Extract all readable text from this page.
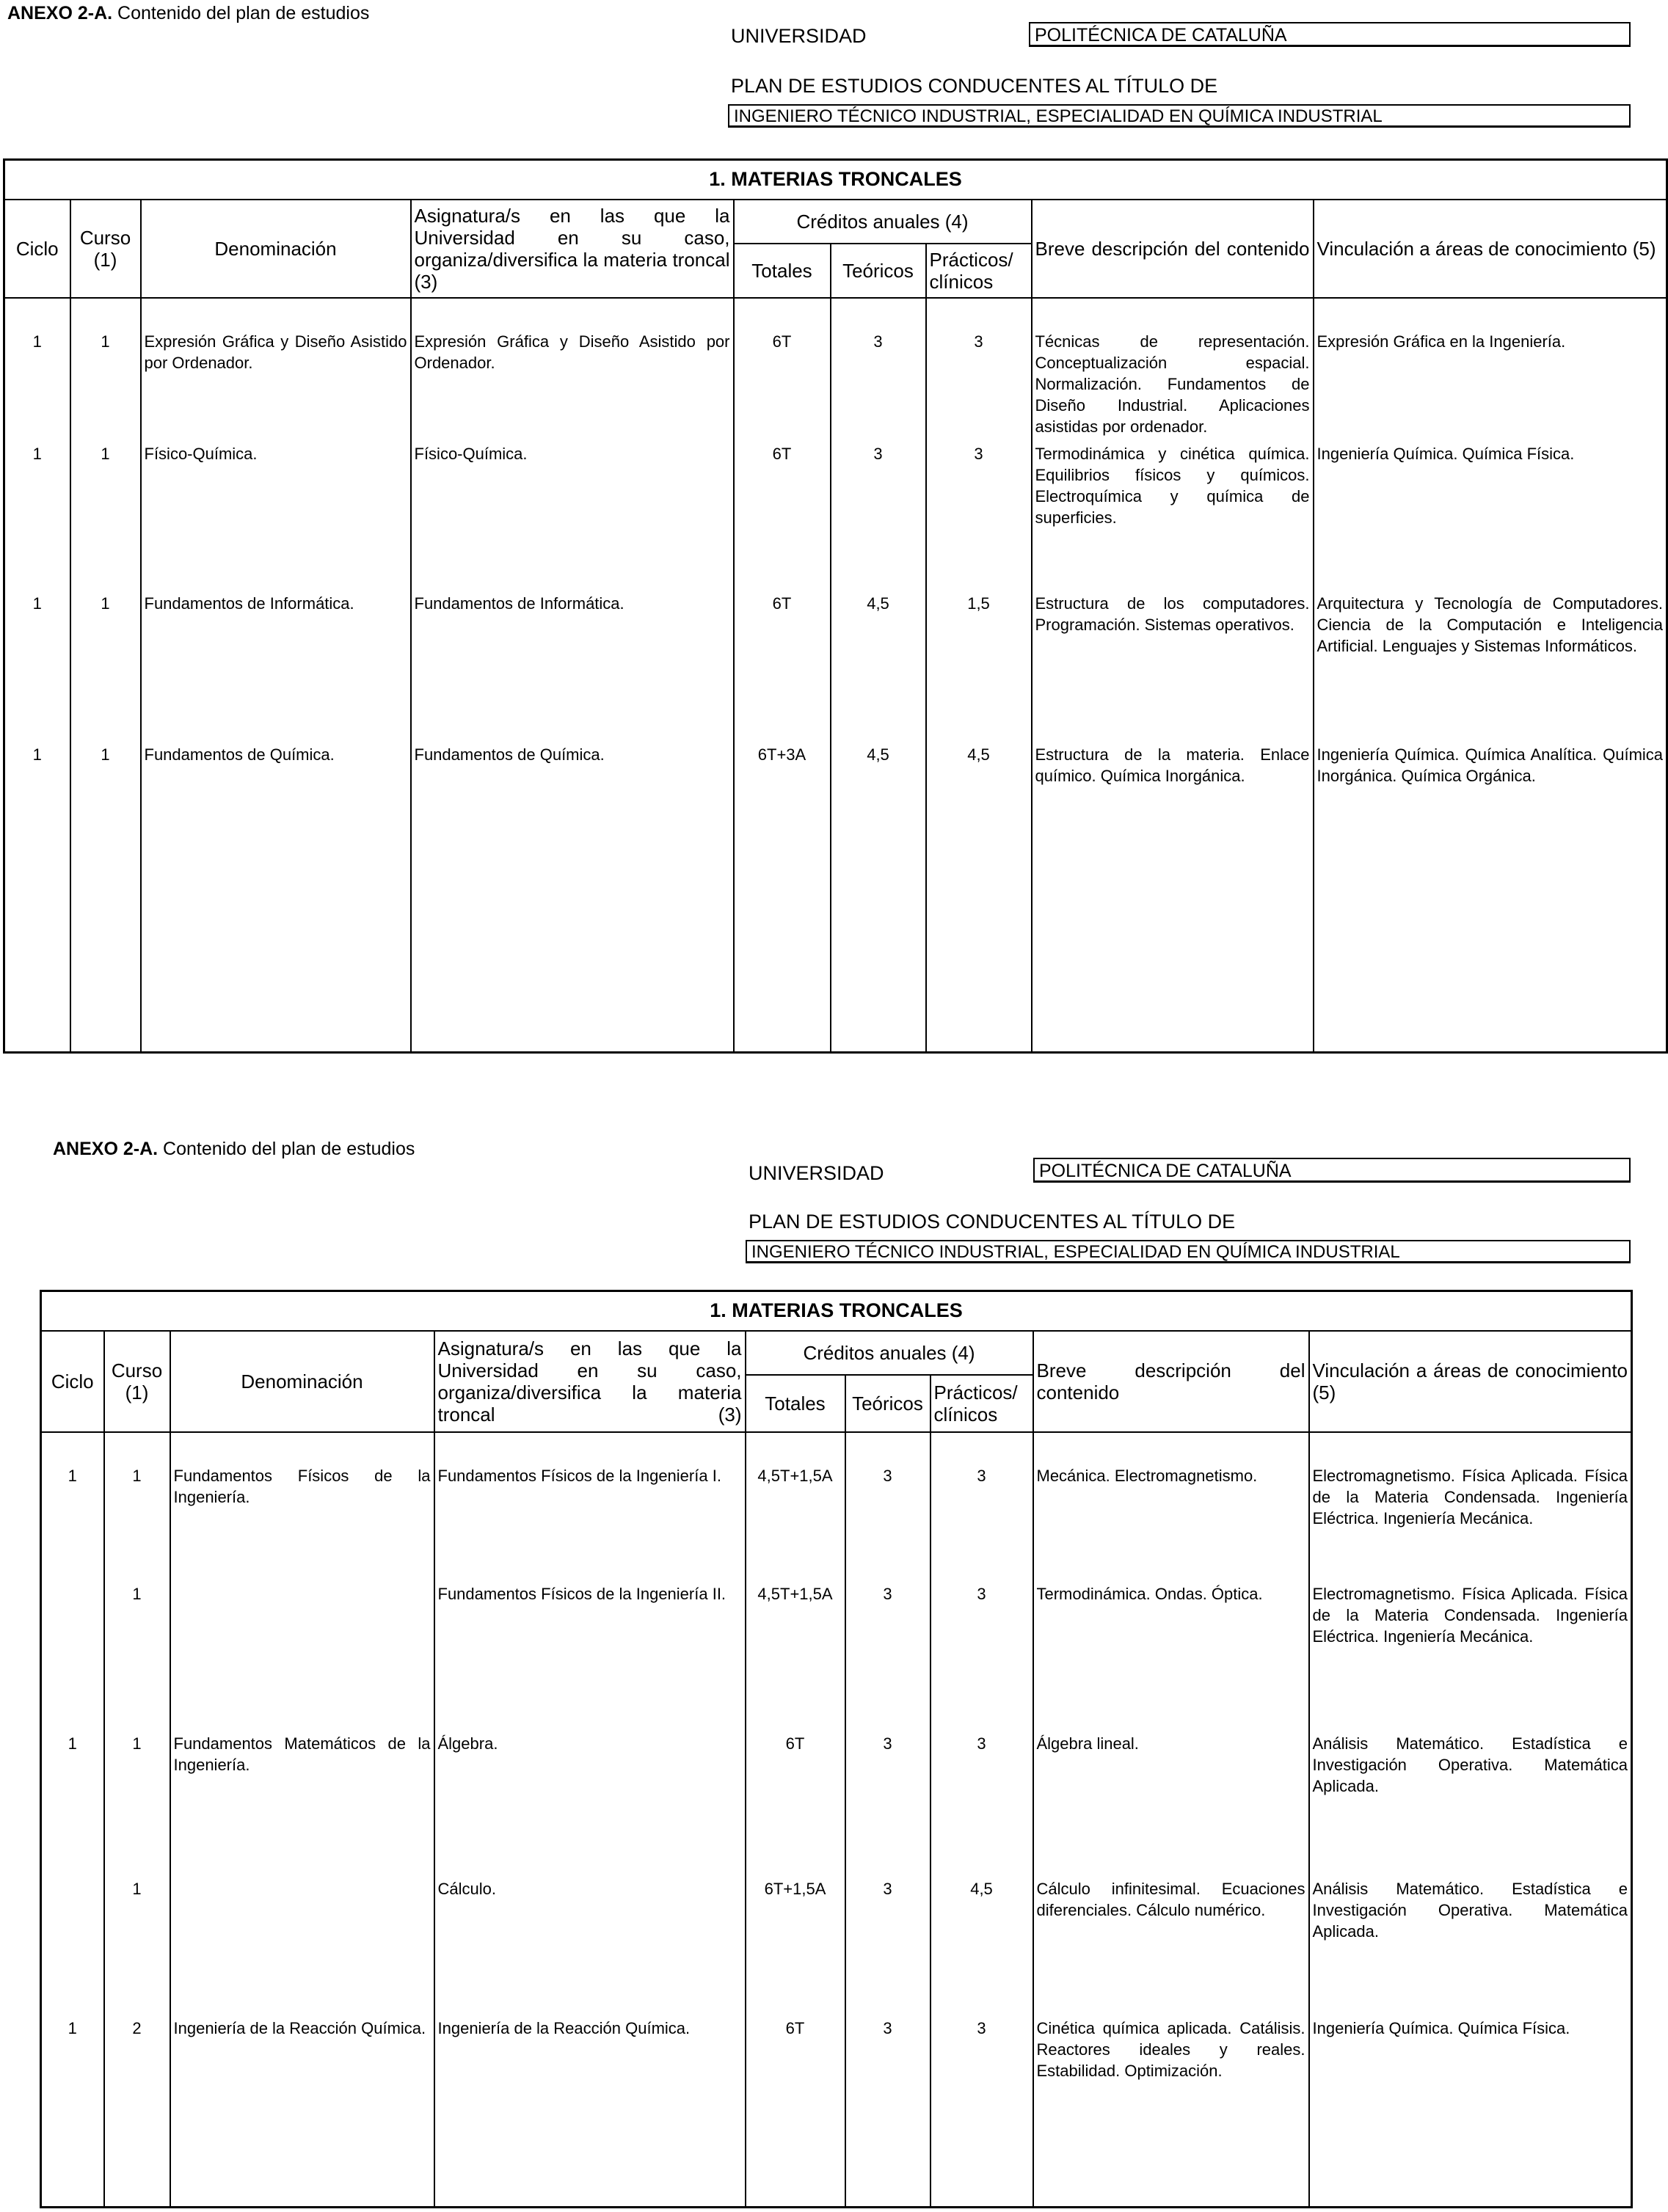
ANEXO 2-A. Contenido del plan de estudios
UNIVERSIDAD	POLITÉCNICA DE CATALUÑA
PLAN DE ESTUDIOS CONDUCENTES AL TÍTULO DE
INGENIERO TÉCNICO INDUSTRIAL, ESPECIALIDAD EN QUÍMICA INDUSTRIAL
1. MATERIAS TRONCALES								
Ciclo	Curso (1)	Denominación	Asignatura/s en las que la Universidad en su caso, organiza/diversifica la materia troncal (3)	Créditos anuales (4)			Breve descripción del contenido	Vinculación a áreas de conocimiento (5)
				Totales	Teóricos	Prácticos/ clínicos		
1	1	Expresión Gráfica y Diseño Asistido por Ordenador.	Expresión Gráfica y Diseño Asistido por Ordenador.	6T	3	3	Técnicas de representación. Conceptualización espacial. Normalización. Fundamentos de Diseño Industrial. Aplicaciones asistidas por ordenador.	Expresión Gráfica en la Ingeniería.
1	1	Físico-Química.	Físico-Química.	6T	3	3	Termodinámica y cinética química. Equilibrios físicos y químicos. Electroquímica y química de superficies.	Ingeniería Química. Química Física.
1	1	Fundamentos de Informática.	Fundamentos de Informática.	6T	4,5	1,5	Estructura de los computadores. Programación. Sistemas operativos.	Arquitectura y Tecnología de Computadores. Ciencia de la Computación e Inteligencia Artificial. Lenguajes y Sistemas Informáticos.
1	1	Fundamentos de Química.	Fundamentos de Química.	6T+3A	4,5	4,5	Estructura de la materia. Enlace químico. Química Inorgánica.	Ingeniería Química. Química Analítica. Química Inorgánica. Química Orgánica.
ANEXO 2-A. Contenido del plan de estudios
UNIVERSIDAD	POLITÉCNICA DE CATALUÑA
PLAN DE ESTUDIOS CONDUCENTES AL TÍTULO DE
INGENIERO TÉCNICO INDUSTRIAL, ESPECIALIDAD EN QUÍMICA INDUSTRIAL
1. MATERIAS TRONCALES								
Ciclo	Curso (1)	Denominación	Asignatura/s en las que la Universidad en su caso, organiza/diversifica la materia troncal (3)	Créditos anuales (4)			Breve descripción del contenido	Vinculación a áreas de conocimiento (5)
				Totales	Teóricos	Prácticos/ clínicos		
1	1	Fundamentos Físicos de la Ingeniería.	Fundamentos Físicos de la Ingeniería I.	4,5T+1,5A	3	3	Mecánica. Electromagnetismo.	Electromagnetismo. Física Aplicada. Física de la Materia Condensada. Ingeniería Eléctrica. Ingeniería Mecánica.
	1		Fundamentos Físicos de la Ingeniería II.	4,5T+1,5A	3	3	Termodinámica. Ondas. Óptica.	Electromagnetismo. Física Aplicada. Física de la Materia Condensada. Ingeniería Eléctrica. Ingeniería Mecánica.
1	1	Fundamentos Matemáticos de la Ingeniería.	Álgebra.	6T	3	3	Álgebra lineal.	Análisis Matemático. Estadística e Investigación Operativa. Matemática Aplicada.
	1		Cálculo.	6T+1,5A	3	4,5	Cálculo infinitesimal. Ecuaciones diferenciales. Cálculo numérico.	Análisis Matemático. Estadística e Investigación Operativa. Matemática Aplicada.
1	2	Ingeniería de la Reacción Química.	Ingeniería de la Reacción Química.	6T	3	3	Cinética química aplicada. Catálisis. Reactores ideales y reales. Estabilidad. Optimización.	Ingeniería Química. Química Física.
